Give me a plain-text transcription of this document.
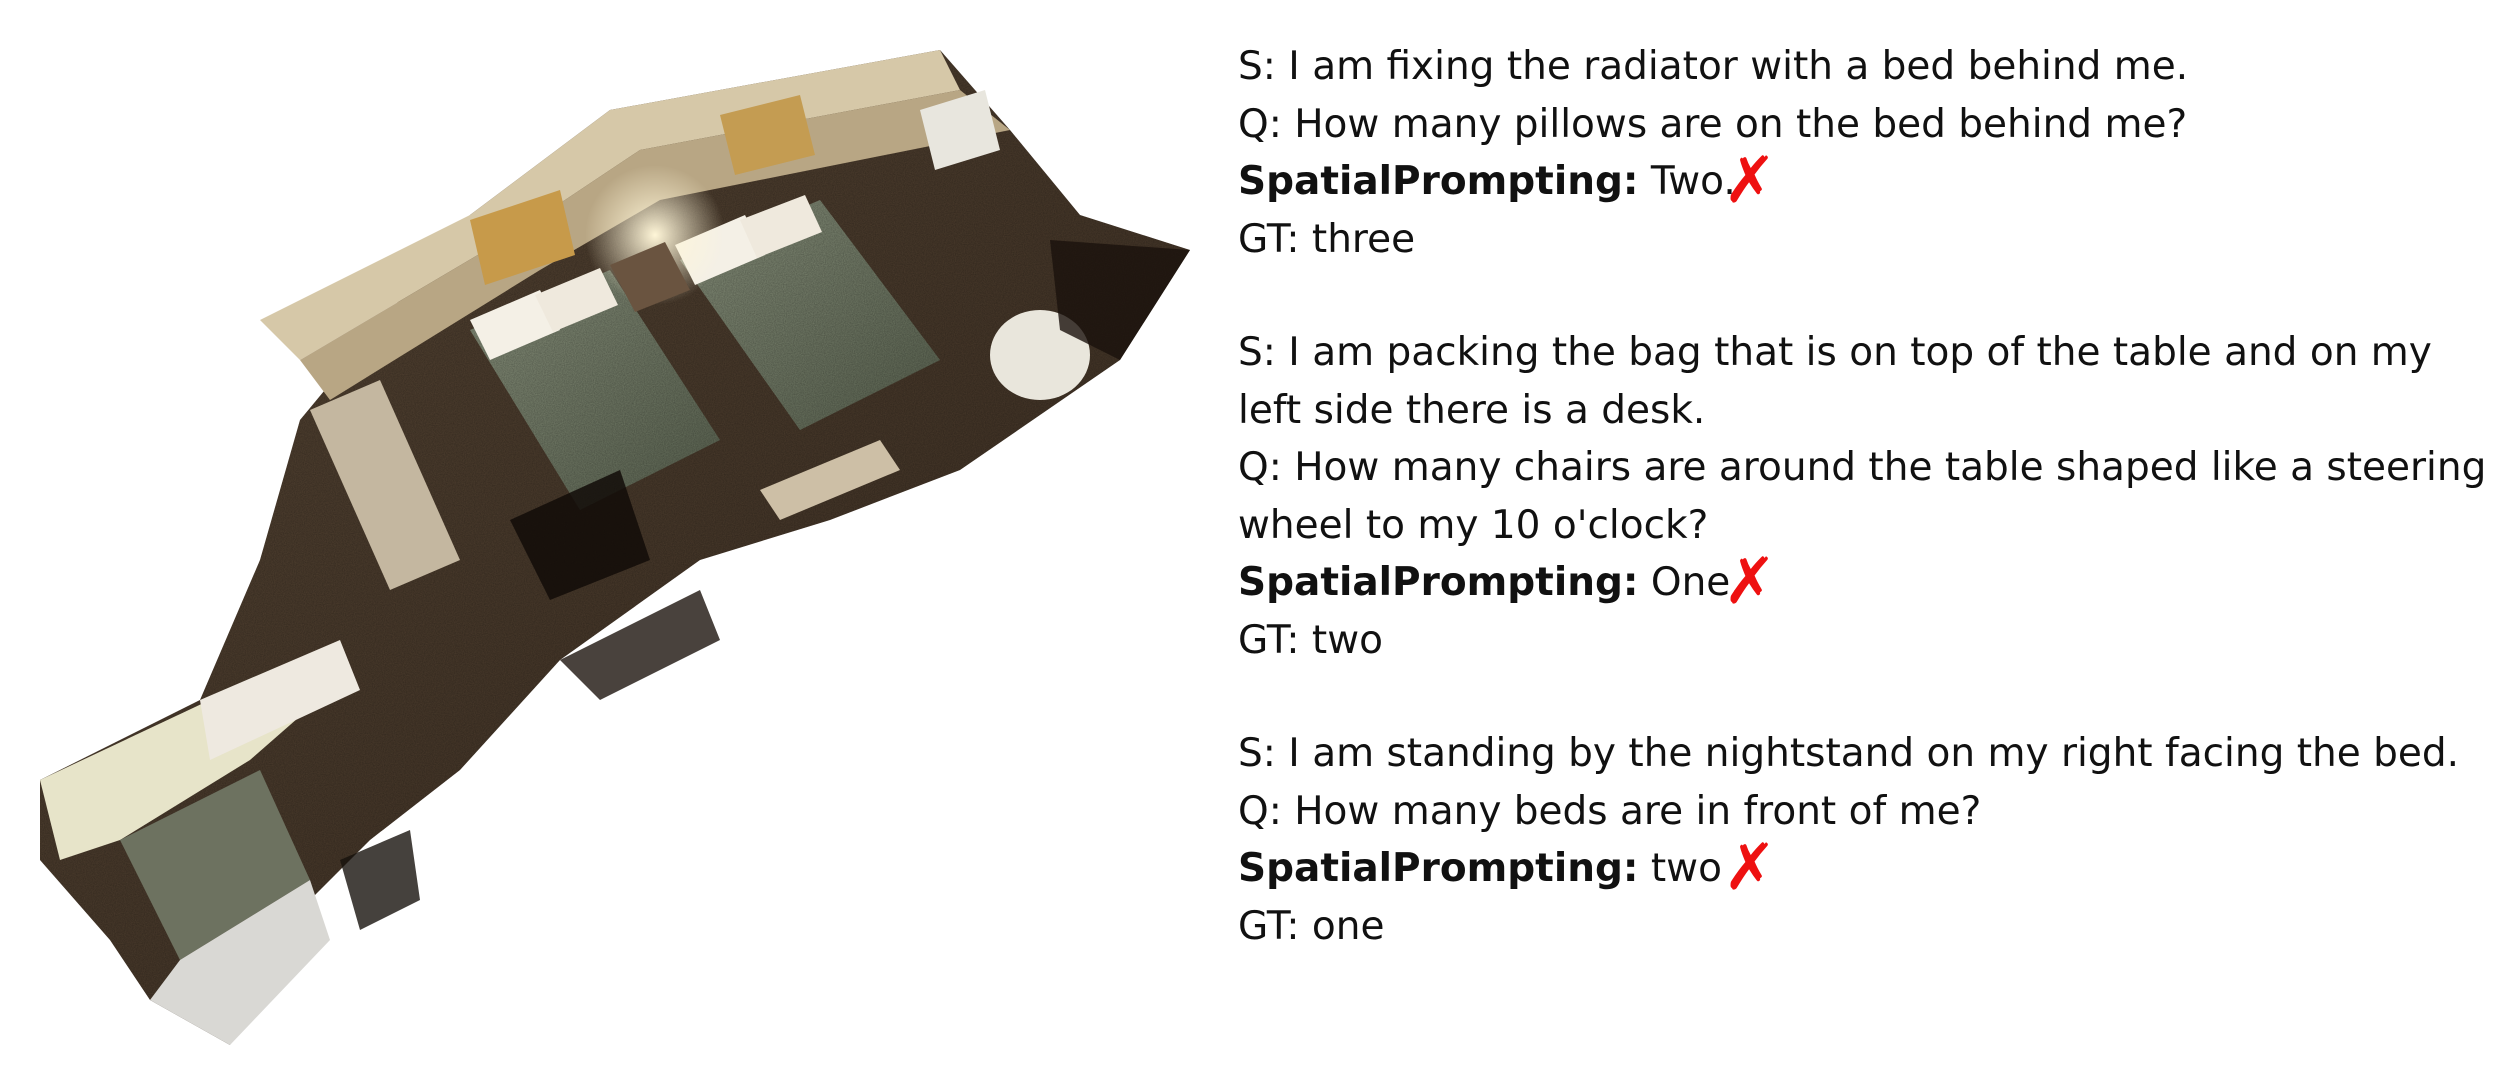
S: I am fixing the radiator with a bed behind me.
Q: How many pillows are on the bed behind me?
SpatialPrompting: Two.
✗
GT: three
S: I am packing the bag that is on top of the table and on my left side there is a desk.
Q: How many chairs are around the table shaped like a steering wheel to my 10 o'clock?
SpatialPrompting: One.
✗
GT: two
S: I am standing by the nightstand on my right facing the bed.
Q: How many beds are in front of me?
SpatialPrompting: two ✗
GT: one
